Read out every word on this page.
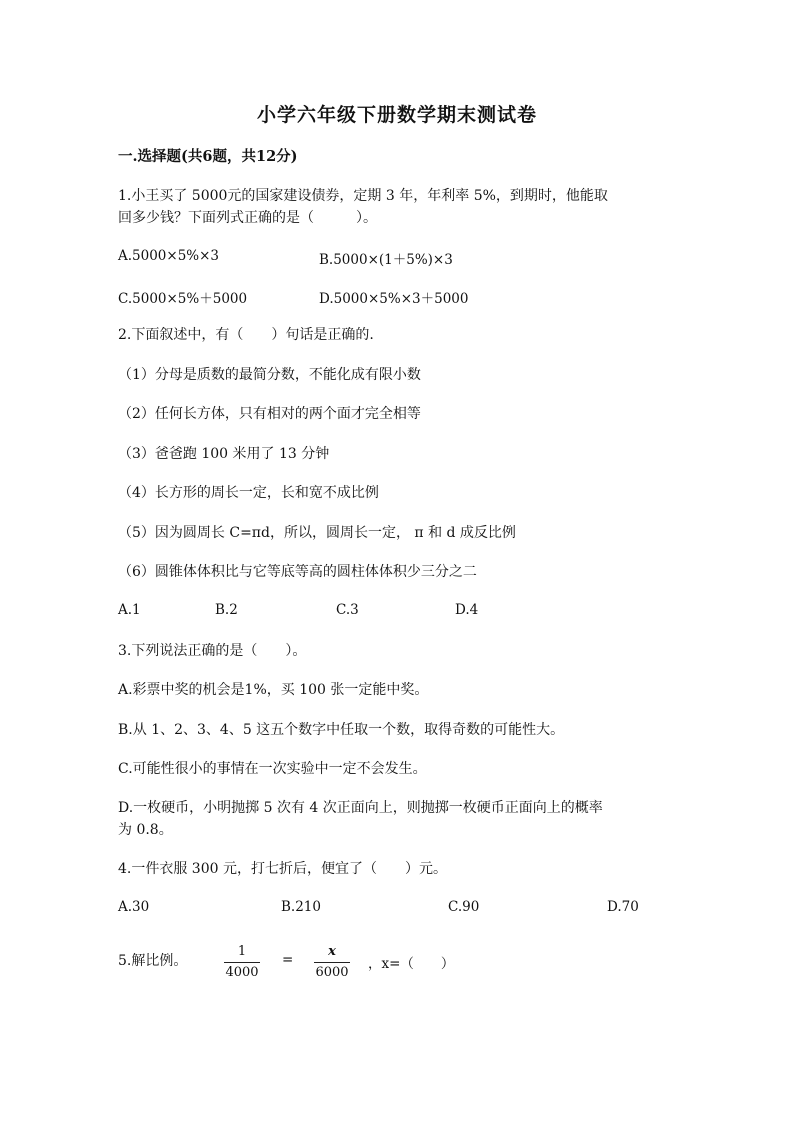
小学六年级下册数学期末测试卷
一.选择题(共6题，共12分)
1.小王买了 5000元的国家建设债券，定期 3 年，年利率 5%，到期时，他能取
回多少钱？下面列式正确的是（　　　）。
A.5000×5%×3	B.5000×(1＋5%)×3
C.5000×5%＋5000	D.5000×5%×3＋5000
2.下面叙述中，有（　　）句话是正确的.
（1）分母是质数的最简分数，不能化成有限小数
（2）任何长方体，只有相对的两个面才完全相等
（3）爸爸跑 100 米用了 13 分钟
（4）长方形的周长一定，长和宽不成比例
（5）因为圆周长 C=πd，所以，圆周长一定， π 和 d 成反比例
（6）圆锥体体积比与它等底等高的圆柱体体积少三分之二
A.1	B.2	C.3	D.4
3.下列说法正确的是（　　）。
A.彩票中奖的机会是1%，买 100 张一定能中奖。
B.从 1、2、3、4、5 这五个数字中任取一个数，取得奇数的可能性大。
C.可能性很小的事情在一次实验中一定不会发生。
D.一枚硬币，小明抛掷 5 次有 4 次正面向上，则抛掷一枚硬币正面向上的概率
为 0.8。
4.一件衣服 300 元，打七折后，便宜了（　　）元。
A.30	B.210	C.90	D.70
5.解比例。
1
4000
=
x
6000
，x=（　　）
